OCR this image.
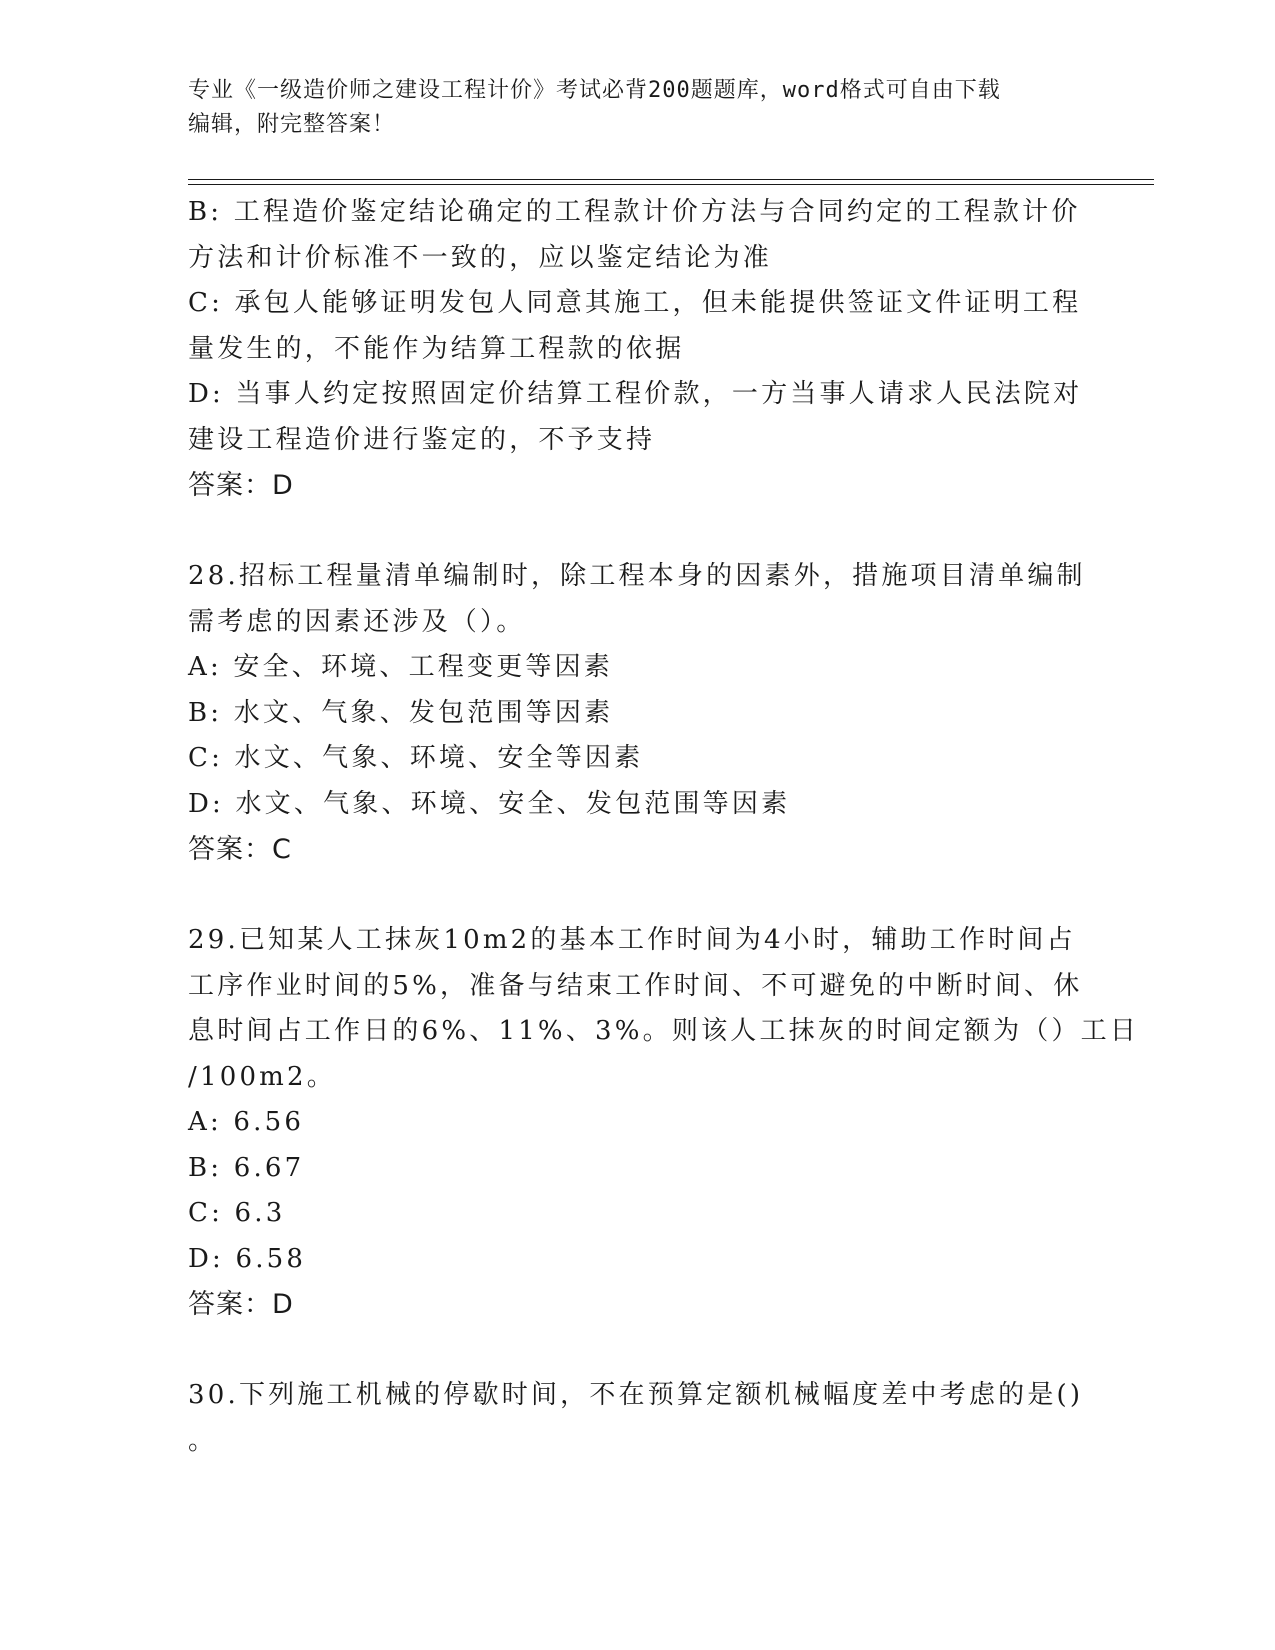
专业《一级造价师之建设工程计价》考试必背200题题库，word格式可自由下载
编辑，附完整答案！
B: 工程造价鉴定结论确定的工程款计价方法与合同约定的工程款计价
方法和计价标准不一致的，应以鉴定结论为准
C: 承包人能够证明发包人同意其施工，但未能提供签证文件证明工程
量发生的，不能作为结算工程款的依据
D: 当事人约定按照固定价结算工程价款，一方当事人请求人民法院对
建设工程造价进行鉴定的，不予支持
答案：D
28.招标工程量清单编制时，除工程本身的因素外，措施项目清单编制
需考虑的因素还涉及（）。
A: 安全、环境、工程变更等因素
B: 水文、气象、发包范围等因素
C: 水文、气象、环境、安全等因素
D: 水文、气象、环境、安全、发包范围等因素
答案：C
29.已知某人工抹灰10m2的基本工作时间为4小时，辅助工作时间占
工序作业时间的5%，准备与结束工作时间、不可避免的中断时间、休
息时间占工作日的6%、11%、3%。则该人工抹灰的时间定额为（）工日
/100m2。
A: 6.56
B: 6.67
C: 6.3
D: 6.58
答案：D
30.下列施工机械的停歇时间，不在预算定额机械幅度差中考虑的是()
。
